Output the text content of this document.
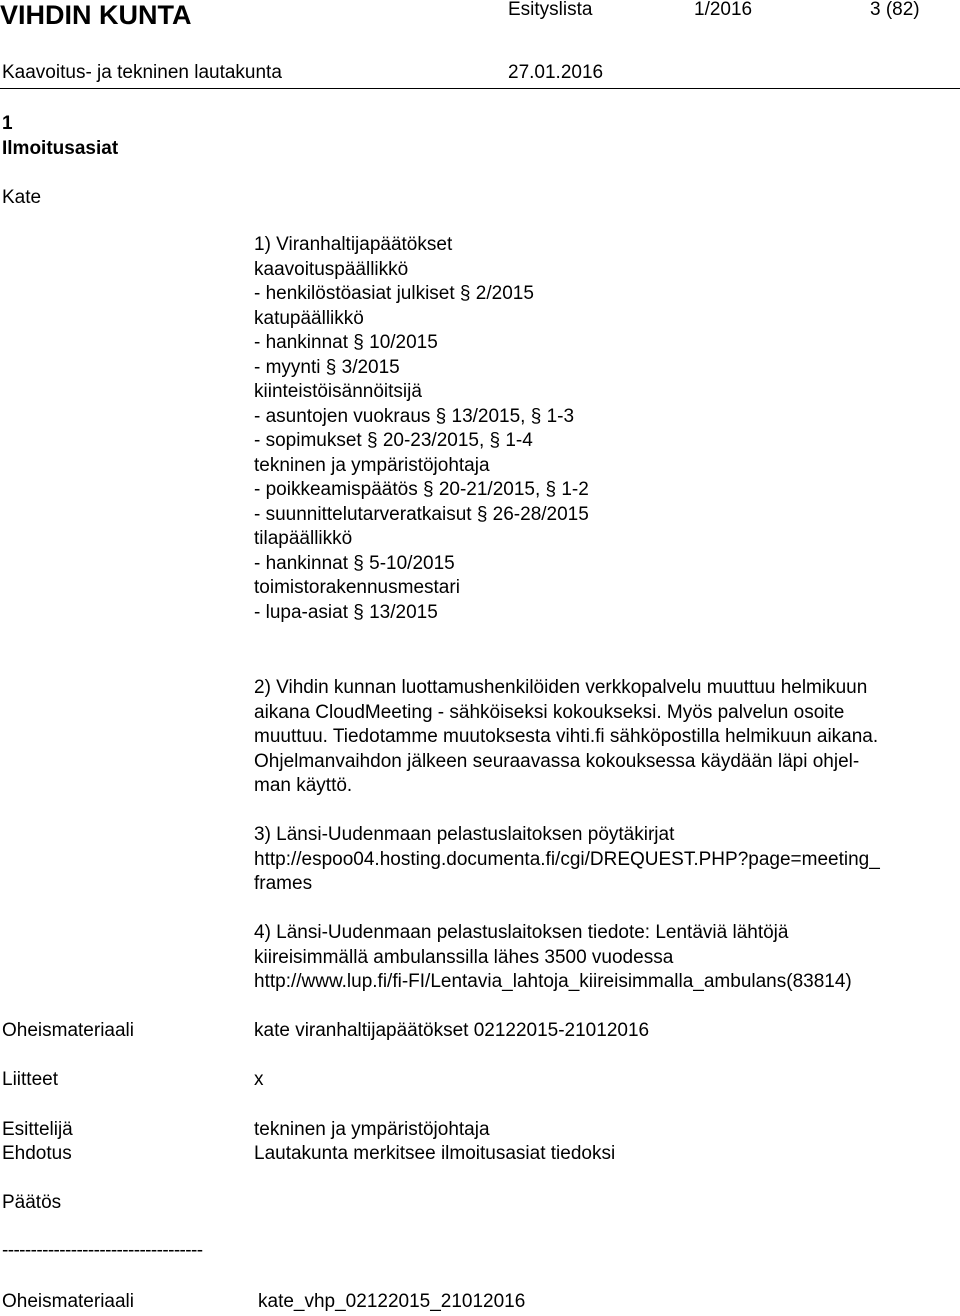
VIHDIN KUNTA	Esityslista	1/2016	3 (82)
Kaavoitus- ja tekninen lautakunta	27.01.2016
1
Ilmoitusasiat
Kate
1) Viranhaltijapäätökset
kaavoituspäällikkö
- henkilöstöasiat julkiset § 2/2015
katupäällikkö
- hankinnat § 10/2015
- myynti § 3/2015
kiinteistöisännöitsijä
- asuntojen vuokraus § 13/2015, § 1-3
- sopimukset § 20-23/2015, § 1-4
tekninen ja ympäristöjohtaja
- poikkeamispäätös § 20-21/2015, § 1-2
- suunnittelutarveratkaisut § 26-28/2015
tilapäällikkö
- hankinnat § 5-10/2015
toimistorakennusmestari
- lupa-asiat § 13/2015
2) Vihdin kunnan luottamushenkilöiden verkkopalvelu muuttuu helmikuun
aikana CloudMeeting - sähköiseksi kokoukseksi. Myös palvelun osoite
muuttuu. Tiedotamme muutoksesta vihti.fi sähköpostilla helmikuun aikana.
Ohjelmanvaihdon jälkeen seuraavassa kokouksessa käydään läpi ohjel-
man käyttö.
3) Länsi-Uudenmaan pelastuslaitoksen pöytäkirjat
http://espoo04.hosting.documenta.fi/cgi/DREQUEST.PHP?page=meeting_
frames
4) Länsi-Uudenmaan pelastuslaitoksen tiedote: Lentäviä lähtöjä
kiireisimmällä ambulanssilla lähes 3500 vuodessa
http://www.lup.fi/fi-FI/Lentavia_lahtoja_kiireisimmalla_ambulans(83814)
Oheismateriaali	kate viranhaltijapäätökset 02122015-21012016
Liitteet	x
Esittelijä	tekninen ja ympäristöjohtaja
Ehdotus	Lautakunta merkitsee ilmoitusasiat tiedoksi
Päätös
-----------------------------------
Oheismateriaali	kate_vhp_02122015_21012016
